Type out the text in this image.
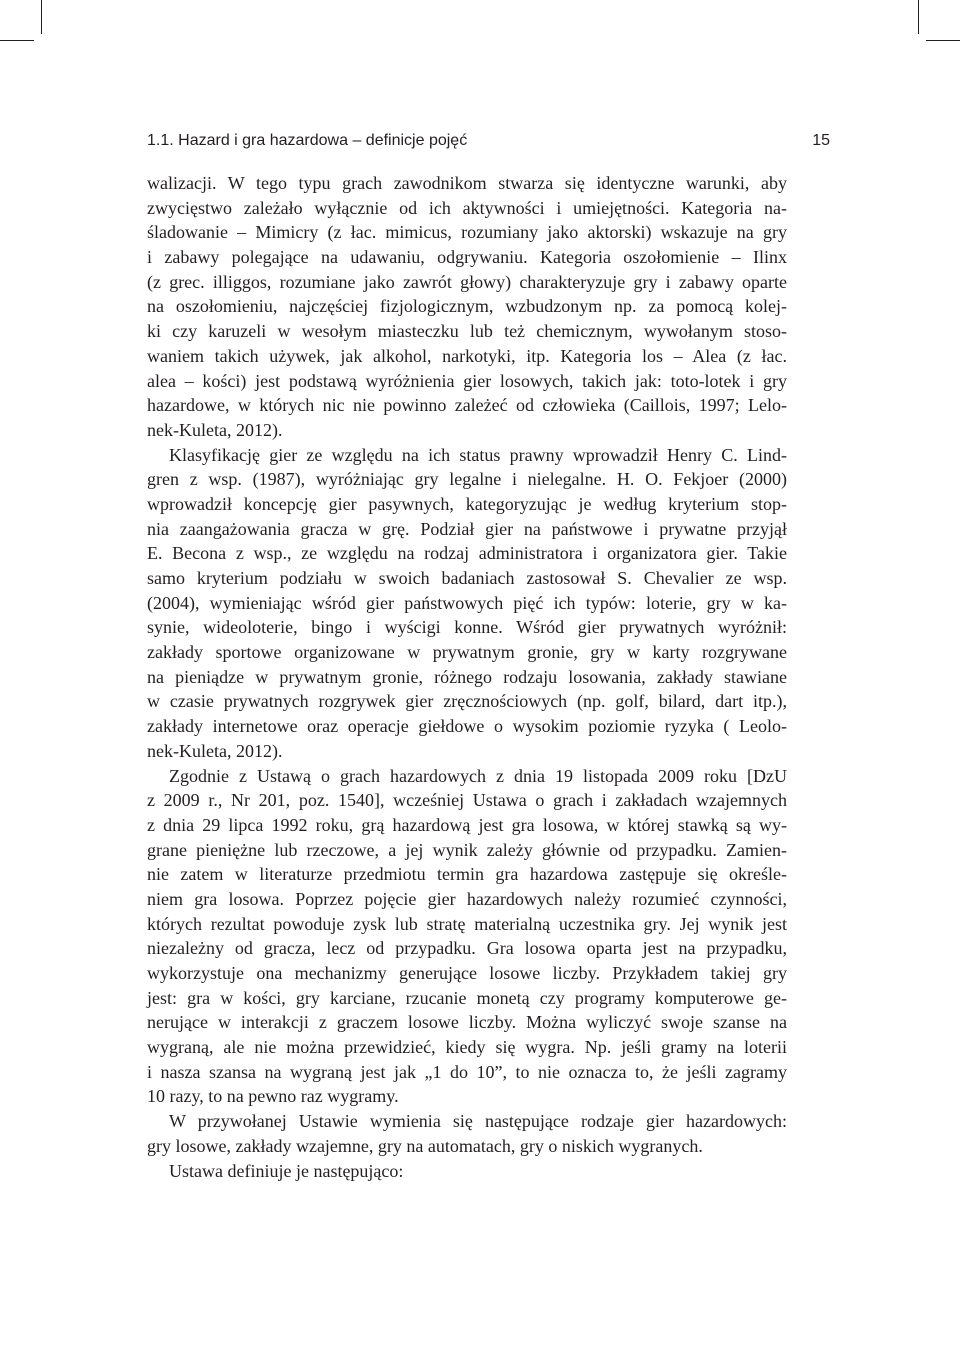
1.1. Hazard i gra hazardowa – definicje pojęć	15
walizacji. W tego typu grach zawodnikom stwarza się identyczne warunki, aby
zwycięstwo zależało wyłącznie od ich aktywności i umiejętności. Kategoria na-
śladowanie – Mimicry (z łac. mimicus, rozumiany jako aktorski) wskazuje na gry
i zabawy polegające na udawaniu, odgrywaniu. Kategoria oszołomienie – Ilinx
(z grec. illiggos, rozumiane jako zawrót głowy) charakteryzuje gry i zabawy oparte
na oszołomieniu, najczęściej fizjologicznym, wzbudzonym np. za pomocą kolej-
ki czy karuzeli w wesołym miasteczku lub też chemicznym, wywołanym stoso-
waniem takich używek, jak alkohol, narkotyki, itp. Kategoria los – Alea (z łac.
alea – kości) jest podstawą wyróżnienia gier losowych, takich jak: toto-lotek i gry
hazardowe, w których nic nie powinno zależeć od człowieka (Caillois, 1997; Lelo-
nek-Kuleta, 2012).
Klasyfikację gier ze względu na ich status prawny wprowadził Henry C. Lind-
gren z wsp. (1987), wyróżniając gry legalne i nielegalne. H. O. Fekjoer (2000)
wprowadził koncepcję gier pasywnych, kategoryzując je według kryterium stop-
nia zaangażowania gracza w grę. Podział gier na państwowe i prywatne przyjął
E. Becona z wsp., ze względu na rodzaj administratora i organizatora gier. Takie
samo kryterium podziału w swoich badaniach zastosował S. Chevalier ze wsp.
(2004), wymieniając wśród gier państwowych pięć ich typów: loterie, gry w ka-
synie, wideoloterie, bingo i wyścigi konne. Wśród gier prywatnych wyróżnił:
zakłady sportowe organizowane w prywatnym gronie, gry w karty rozgrywane
na pieniądze w prywatnym gronie, różnego rodzaju losowania, zakłady stawiane
w czasie prywatnych rozgrywek gier zręcznościowych (np. golf, bilard, dart itp.),
zakłady internetowe oraz operacje giełdowe o wysokim poziomie ryzyka ( Leolo-
nek-Kuleta, 2012).
Zgodnie z Ustawą o grach hazardowych z dnia 19 listopada 2009 roku [DzU
z 2009 r., Nr 201, poz. 1540], wcześniej Ustawa o grach i zakładach wzajemnych
z dnia 29 lipca 1992 roku, grą hazardową jest gra losowa, w której stawką są wy-
grane pieniężne lub rzeczowe, a jej wynik zależy głównie od przypadku. Zamien-
nie zatem w literaturze przedmiotu termin gra hazardowa zastępuje się określe-
niem gra losowa. Poprzez pojęcie gier hazardowych należy rozumieć czynności,
których rezultat powoduje zysk lub stratę materialną uczestnika gry. Jej wynik jest
niezależny od gracza, lecz od przypadku. Gra losowa oparta jest na przypadku,
wykorzystuje ona mechanizmy generujące losowe liczby. Przykładem takiej gry
jest: gra w kości, gry karciane, rzucanie monetą czy programy komputerowe ge-
nerujące w interakcji z graczem losowe liczby. Można wyliczyć swoje szanse na
wygraną, ale nie można przewidzieć, kiedy się wygra. Np. jeśli gramy na loterii
i nasza szansa na wygraną jest jak „1 do 10”, to nie oznacza to, że jeśli zagramy
10 razy, to na pewno raz wygramy.
W przywołanej Ustawie wymienia się następujące rodzaje gier hazardowych:
gry losowe, zakłady wzajemne, gry na automatach, gry o niskich wygranych.
Ustawa definiuje je następująco:
